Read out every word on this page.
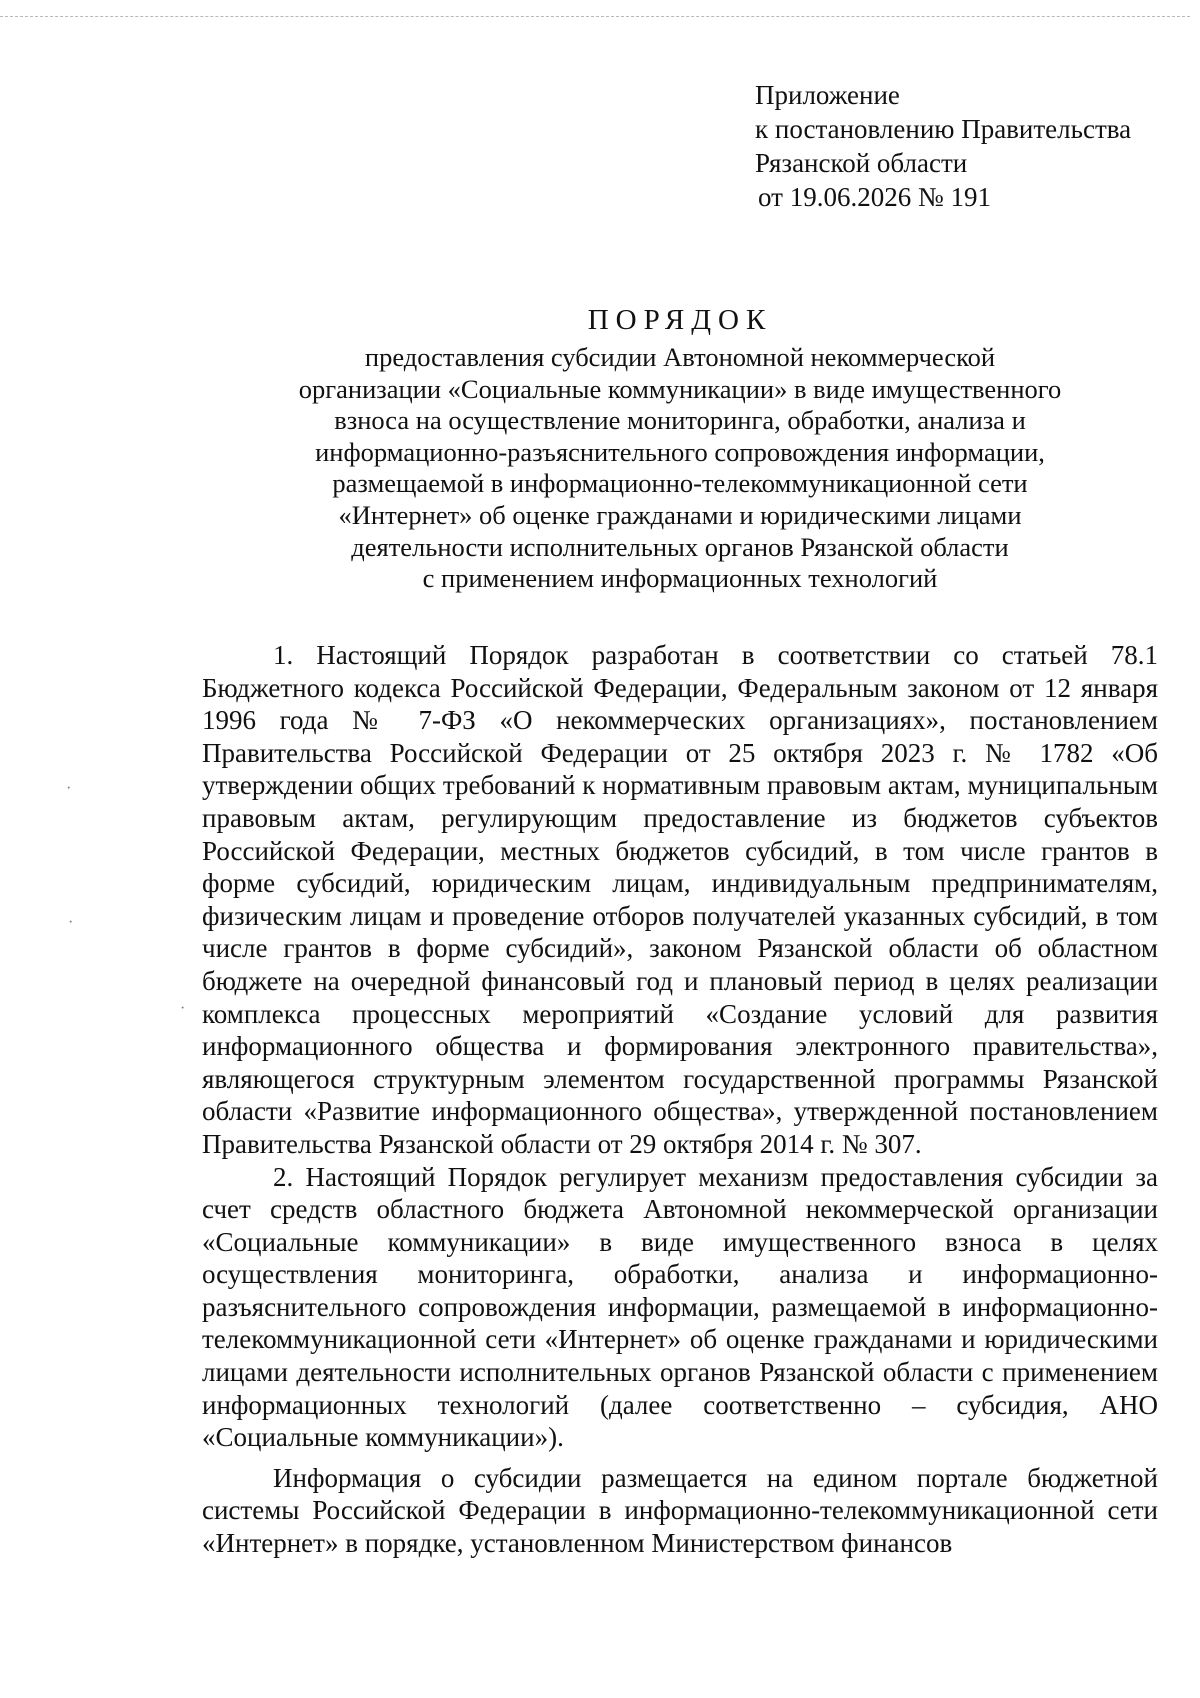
·
·
·
Приложение
к постановлению Правительства
Рязанской области
от 19.06.2026 № 191
ПОРЯДОК
предоставления субсидии Автономной некоммерческой
организации «Социальные коммуникации» в виде имущественного
взноса на осуществление мониторинга, обработки, анализа и
информационно-разъяснительного сопровождения информации,
размещаемой в информационно-телекоммуникационной сети
«Интернет» об оценке гражданами и юридическими лицами
деятельности исполнительных органов Рязанской области
с применением информационных технологий

1. Настоящий Порядок разработан в соответствии со статьей 78.1 Бюджетного кодекса Российской Федерации, Федеральным законом от 12 января 1996 года № 7-ФЗ «О некоммерческих организациях», постановлением Правительства Российской Федерации от 25 октября 2023 г. № 1782 «Об утверждении общих требований к нормативным правовым актам, муниципальным правовым актам, регулирующим предоставление из бюджетов субъектов Российской Федерации, местных бюджетов субсидий, в том числе грантов в форме субсидий, юридическим лицам, индивидуальным предпринимателям, физическим лицам и проведение отборов получателей указанных субсидий, в том числе грантов в форме субсидий», законом Рязанской области об областном бюджете на очередной финансовый год и плановый период в целях реализации комплекса процессных мероприятий «Создание условий для развития информационного общества и формирования электронного правительства», являющегося структурным элементом государственной программы Рязанской области «Развитие информационного общества», утвержденной постановлением Правительства Рязанской области от 29 октября 2014 г. № 307.

2. Настоящий Порядок регулирует механизм предоставления субсидии за счет средств областного бюджета Автономной некоммерческой организации «Социальные коммуникации» в виде имущественного взноса в целях осуществления мониторинга, обработки, анализа и информационно-разъяснительного сопровождения информации, размещаемой в информационно-телекоммуникационной сети «Интернет» об оценке гражданами и юридическими лицами деятельности исполнительных органов Рязанской области с применением информационных технологий (далее соответственно – субсидия, АНО «Социальные коммуникации»).

Информация о субсидии размещается на едином портале бюджетной системы Российской Федерации в информационно-телекоммуникационной сети «Интернет» в порядке, установленном Министерством финансов
